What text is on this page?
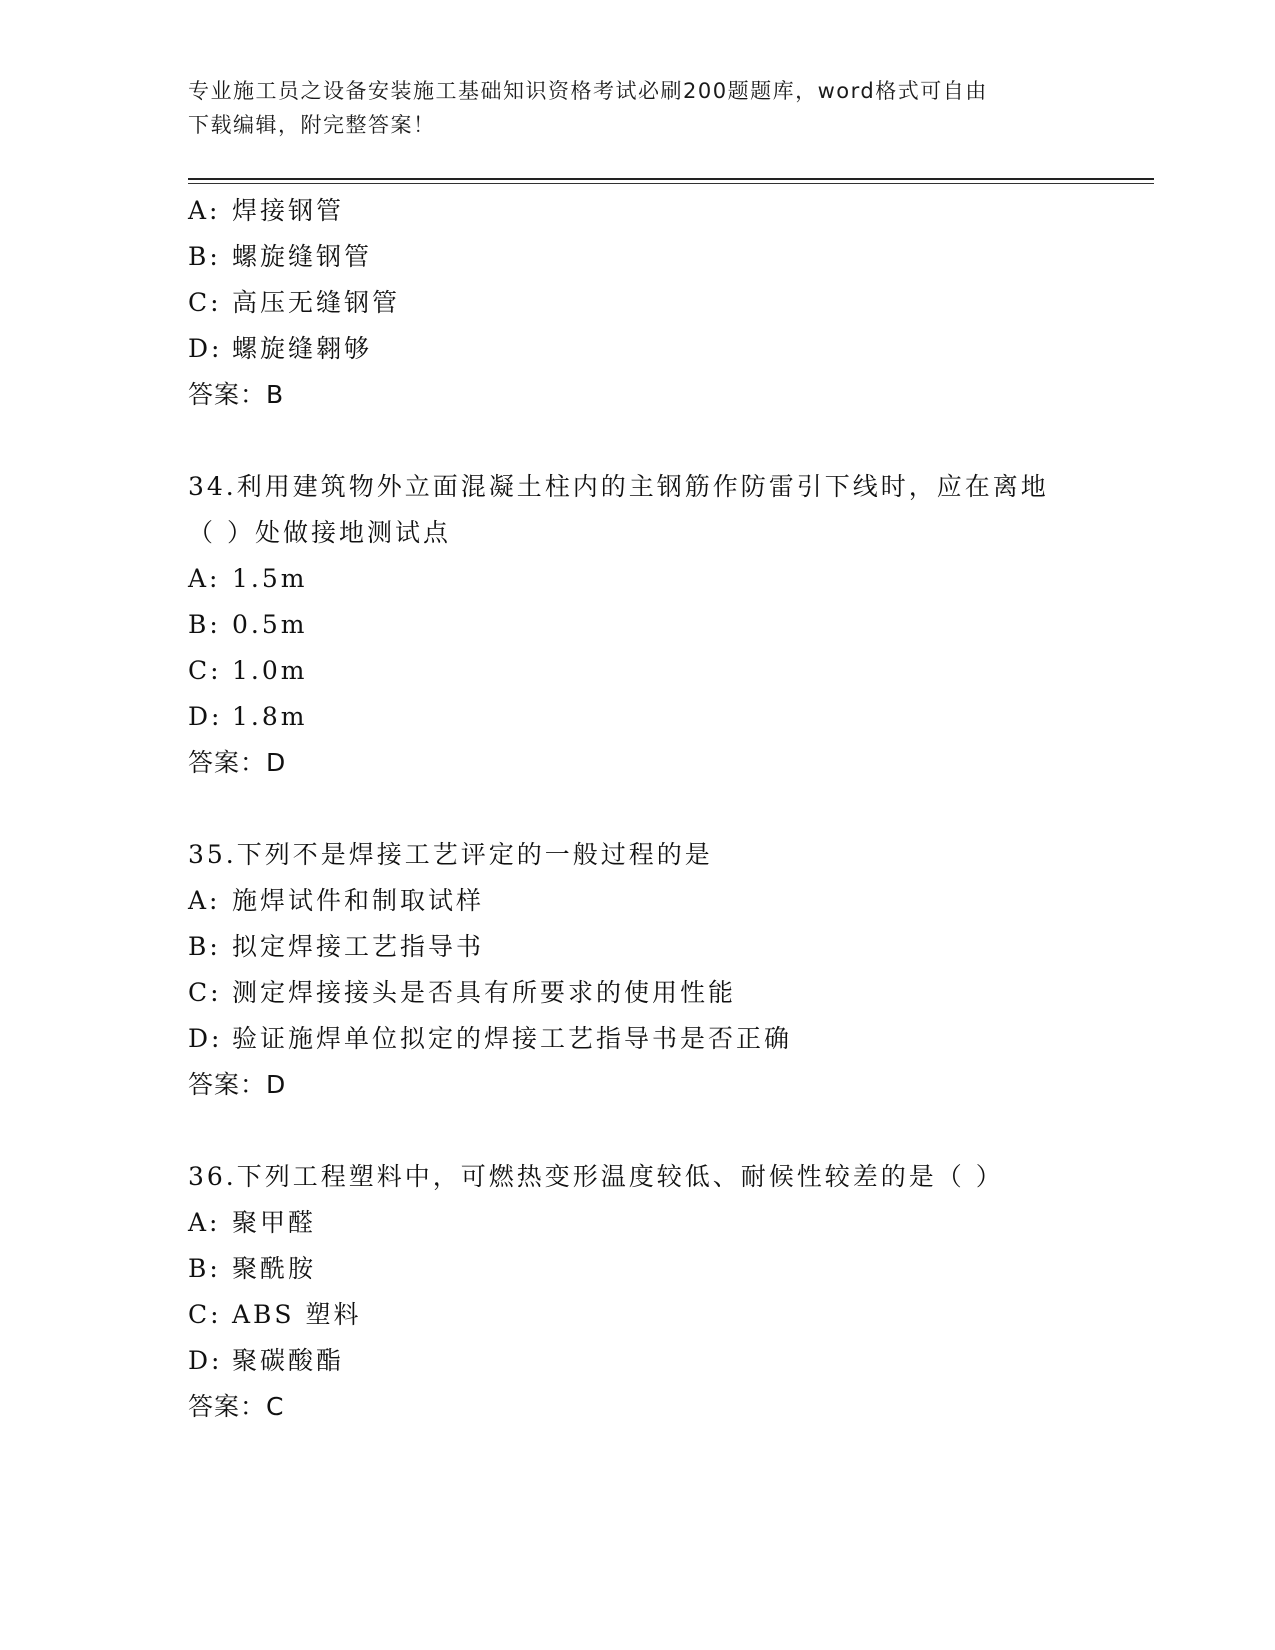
专业施工员之设备安装施工基础知识资格考试必刷200题题库，word格式可自由
下载编辑，附完整答案！
A: 焊接钢管
B: 螺旋缝钢管
C: 高压无缝钢管
D: 螺旋缝翱够
答案：B
34.利用建筑物外立面混凝土柱内的主钢筋作防雷引下线时，应在离地
（ ）处做接地测试点
A: 1.5m
B: 0.5m
C: 1.0m
D: 1.8m
答案：D
35.下列不是焊接工艺评定的一般过程的是
A: 施焊试件和制取试样
B: 拟定焊接工艺指导书
C: 测定焊接接头是否具有所要求的使用性能
D: 验证施焊单位拟定的焊接工艺指导书是否正确
答案：D
36.下列工程塑料中，可燃热变形温度较低、耐候性较差的是（ ）
A: 聚甲醛
B: 聚酰胺
C: ABS 塑料
D: 聚碳酸酯
答案：C
